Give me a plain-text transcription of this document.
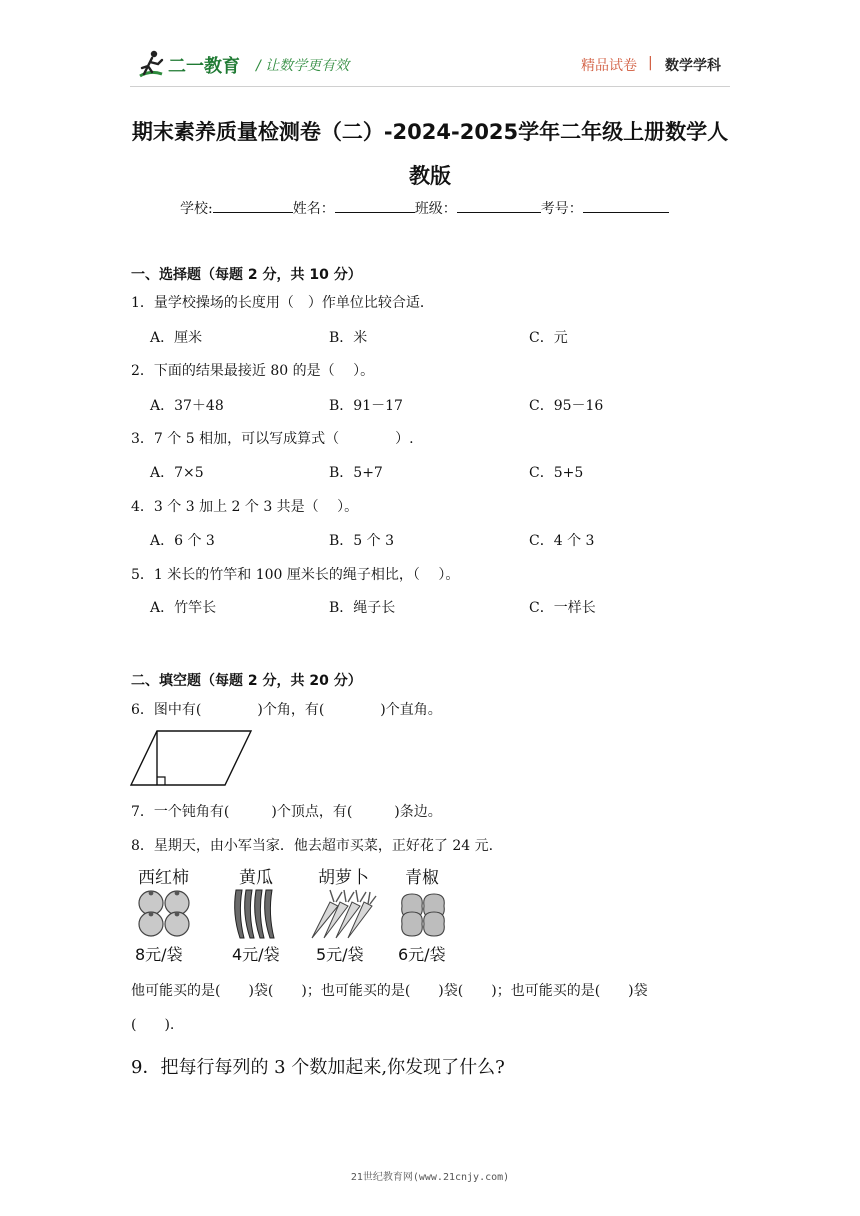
二一教育 / 让数学更有效	精品试卷 | 数学学科
期末素养质量检测卷（二）-2024-2025学年二年级上册数学人
教版
学校:	姓名：	班级：	考号：
一、选择题（每题 2 分，共 10 分）
1．量学校操场的长度用（　）作单位比较合适．
A．厘米	B．米	C．元
2．下面的结果最接近 80 的是（　 ）。
A．37＋48	B．91－17	C．95－16
3．7 个 5 相加，可以写成算式（　　　　）.
A．7×5	B．5+7	C．5+5
4．3 个 3 加上 2 个 3 共是（　 ）。
A．6 个 3	B．5 个 3	C．4 个 3
5．1 米长的竹竿和 100 厘米长的绳子相比，（　 ）。
A．竹竿长	B．绳子长	C．一样长
二、填空题（每题 2 分，共 20 分）
6．图中有(　　　　)个角，有(　　　　)个直角。
7．一个钝角有(　　　)个顶点，有(　　　)条边。
8．星期天，由小军当家．他去超市买菜，正好花了 24 元.
西红柿	黄瓜	胡萝卜 青椒
8元/袋	4元/袋 5元/袋 6元/袋
他可能买的是(　　)袋(　　)；也可能买的是(　　)袋(　　)；也可能买的是(　　)袋
(　　).
9．把每行每列的 3 个数加起来,你发现了什么?
21世纪教育网(www.21cnjy.com)
